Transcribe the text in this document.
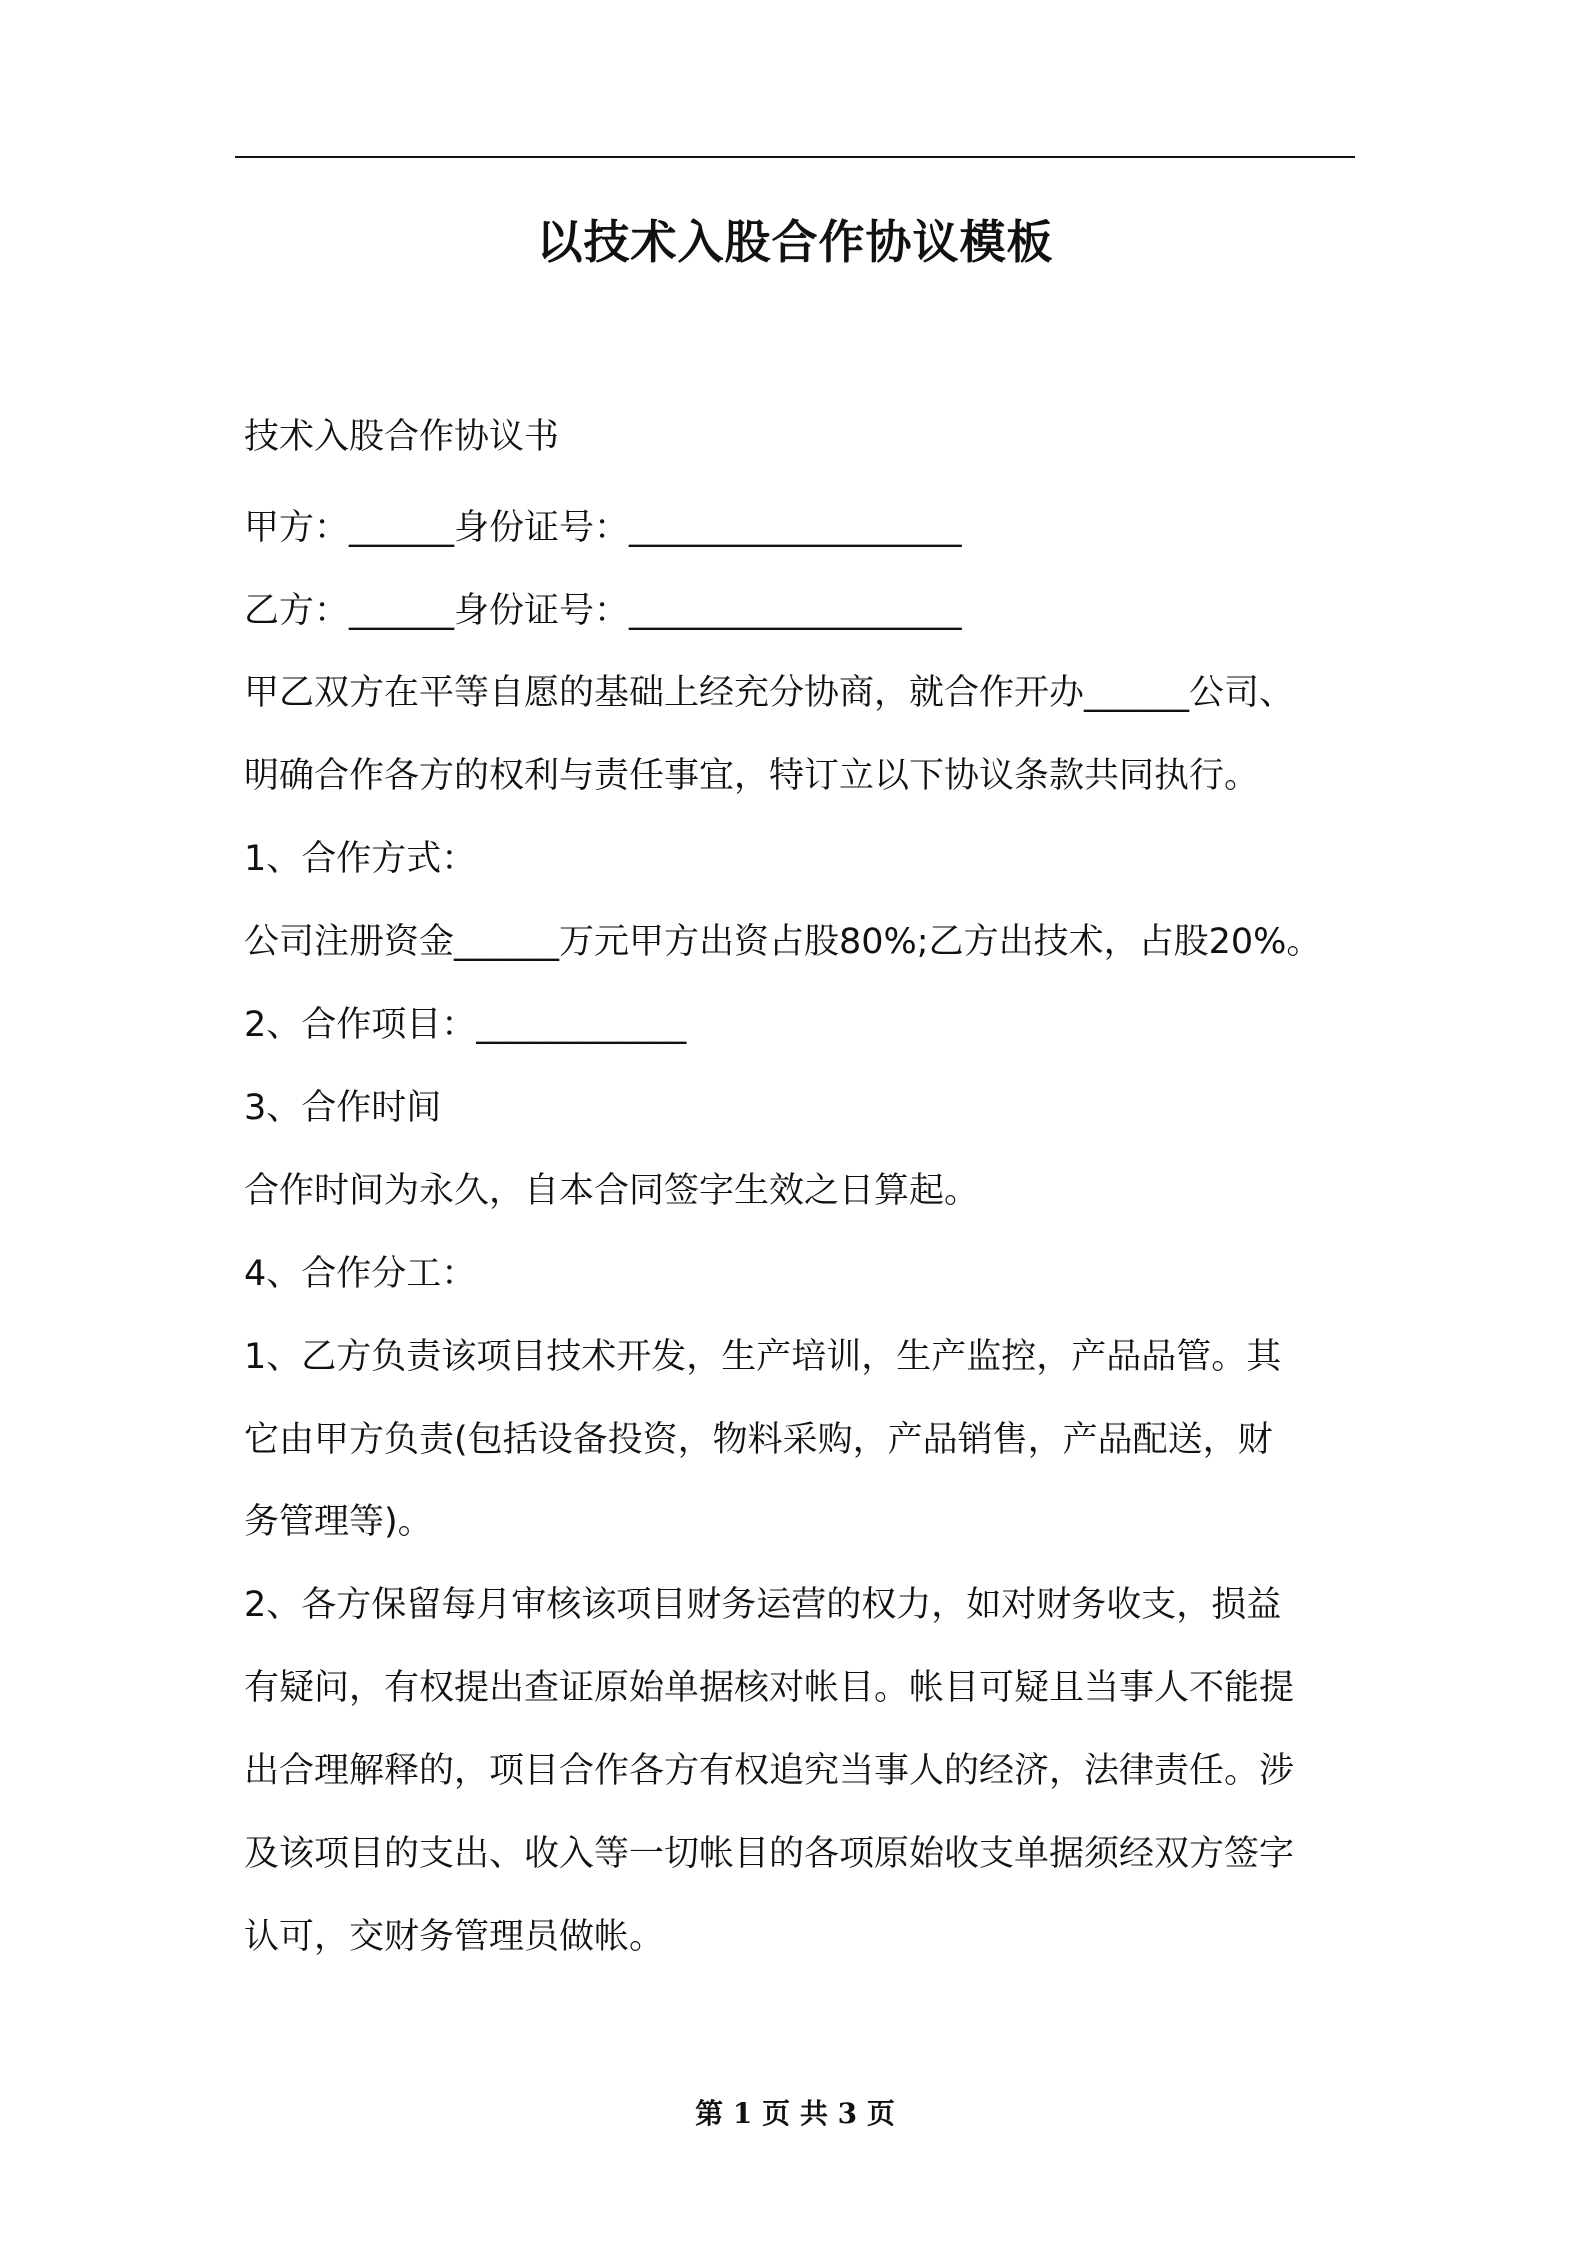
以技术入股合作协议模板
技术入股合作协议书
甲方：______身份证号：___________________
乙方：______身份证号：___________________
甲乙双方在平等自愿的基础上经充分协商，就合作开办______公司、
明确合作各方的权利与责任事宜，特订立以下协议条款共同执行。
1、合作方式：
公司注册资金______万元甲方出资占股80%;乙方出技术，占股20%。
2、合作项目：____________
3、合作时间
合作时间为永久，自本合同签字生效之日算起。
4、合作分工：
1、乙方负责该项目技术开发，生产培训，生产监控，产品品管。其
它由甲方负责(包括设备投资，物料采购，产品销售，产品配送，财
务管理等)。
2、各方保留每月审核该项目财务运营的权力，如对财务收支，损益
有疑问，有权提出查证原始单据核对帐目。帐目可疑且当事人不能提
出合理解释的，项目合作各方有权追究当事人的经济，法律责任。涉
及该项目的支出、收入等一切帐目的各项原始收支单据须经双方签字
认可，交财务管理员做帐。
第 1 页 共 3 页
